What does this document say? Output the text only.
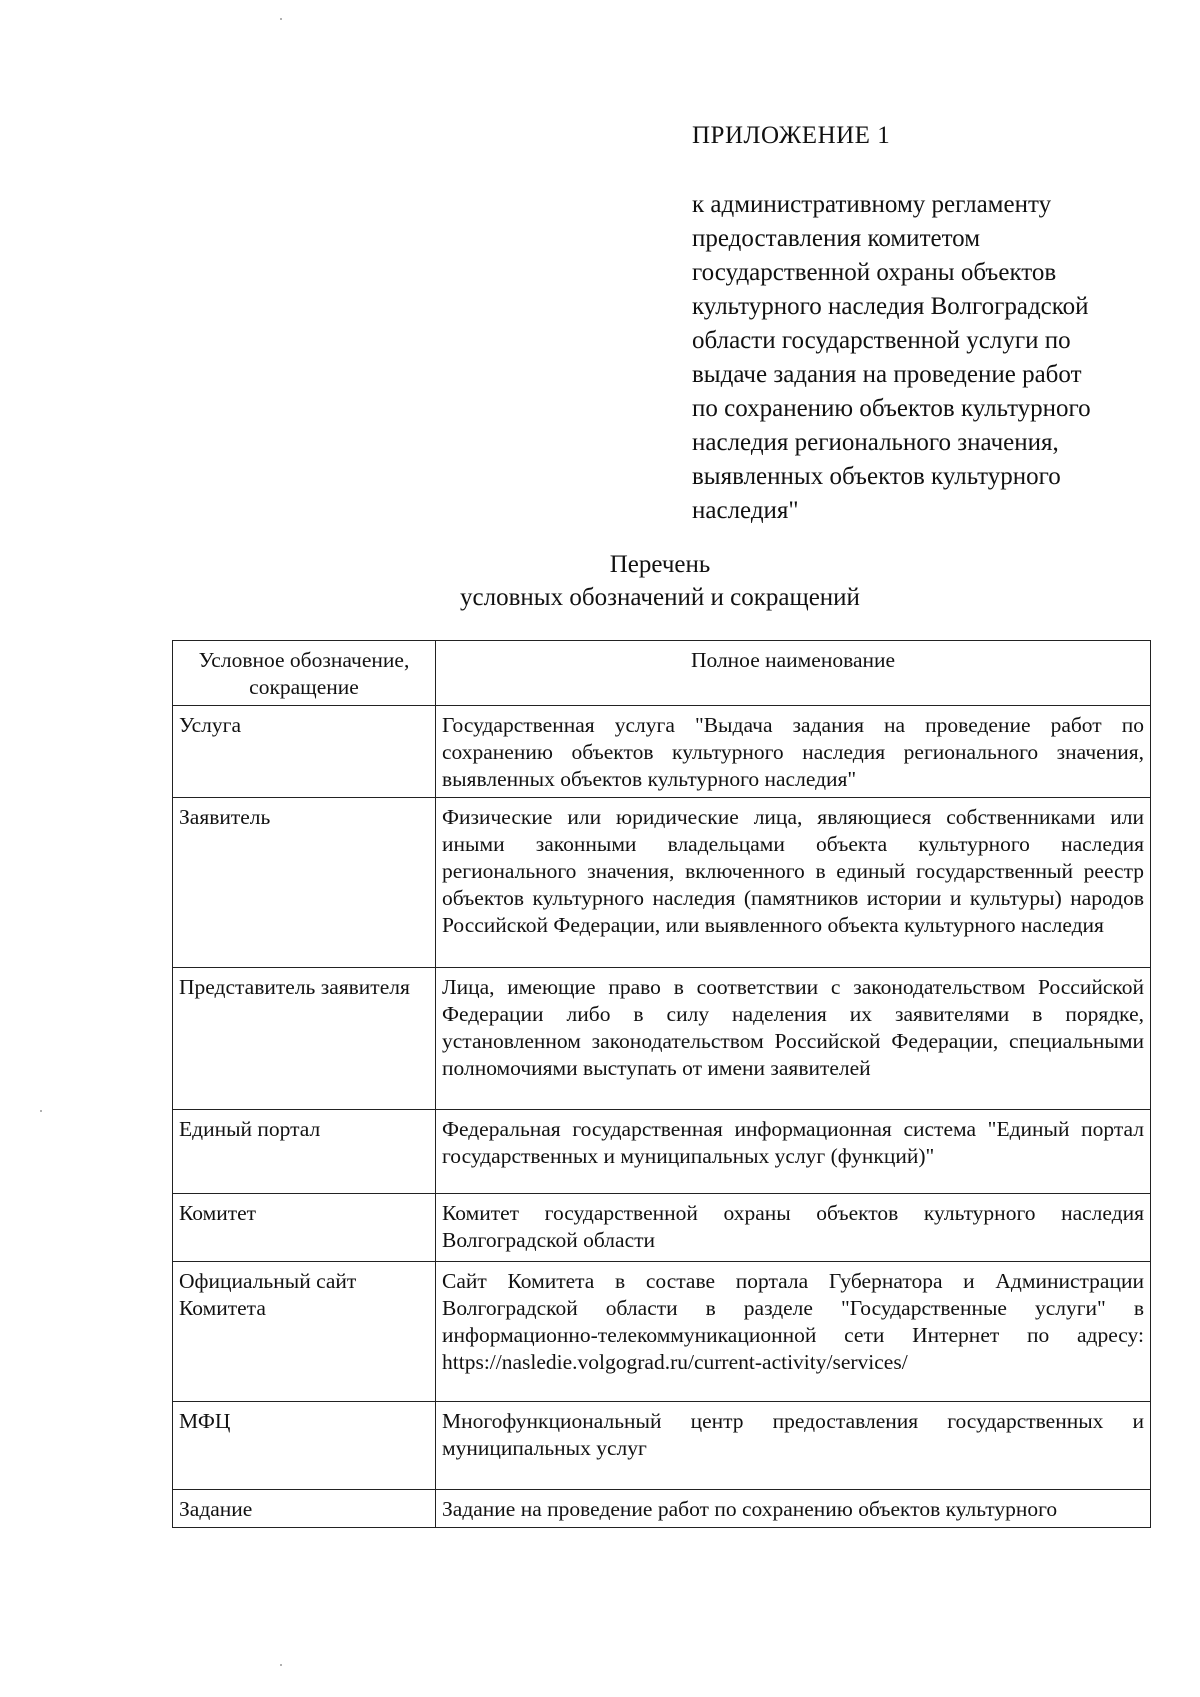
ПРИЛОЖЕНИЕ 1
к административному регламенту
предоставления комитетом
государственной охраны объектов
культурного наследия Волгоградской
области государственной услуги по
выдаче задания на проведение работ
по сохранению объектов культурного
наследия регионального значения,
выявленных объектов культурного
наследия"
Перечень
условных обозначений и сокращений
Условное обозначение, сокращение	Полное наименование
Услуга	Государственная услуга "Выдача задания на проведение работ по сохранению объектов культурного наследия регионального значения, выявленных объектов культурного наследия"
Заявитель	Физические или юридические лица, являющиеся собственниками или иными законными владельцами объекта культурного наследия регионального значения, включенного в единый государственный реестр объектов культурного наследия (памятников истории и культуры) народов Российской Федерации, или выявленного объекта культурного наследия
Представитель заявителя	Лица, имеющие право в соответствии с законодательством Российской Федерации либо в силу наделения их заявителями в порядке, установленном законодательством Российской Федерации, специальными полномочиями выступать от имени заявителей
Единый портал	Федеральная государственная информационная система "Единый портал государственных и муниципальных услуг (функций)"
Комитет	Комитет государственной охраны объектов культурного наследия Волгоградской области
Официальный сайт Комитета	Сайт Комитета в составе портала Губернатора и Администрации Волгоградской области в разделе "Государственные услуги" в информационно-телекоммуникационной сети Интернет по адресу: https://nasledie.volgograd.ru/current-activity/services/
МФЦ	Многофункциональный центр предоставления государственных и муниципальных услуг
Задание	Задание на проведение работ по сохранению объектов культурного
